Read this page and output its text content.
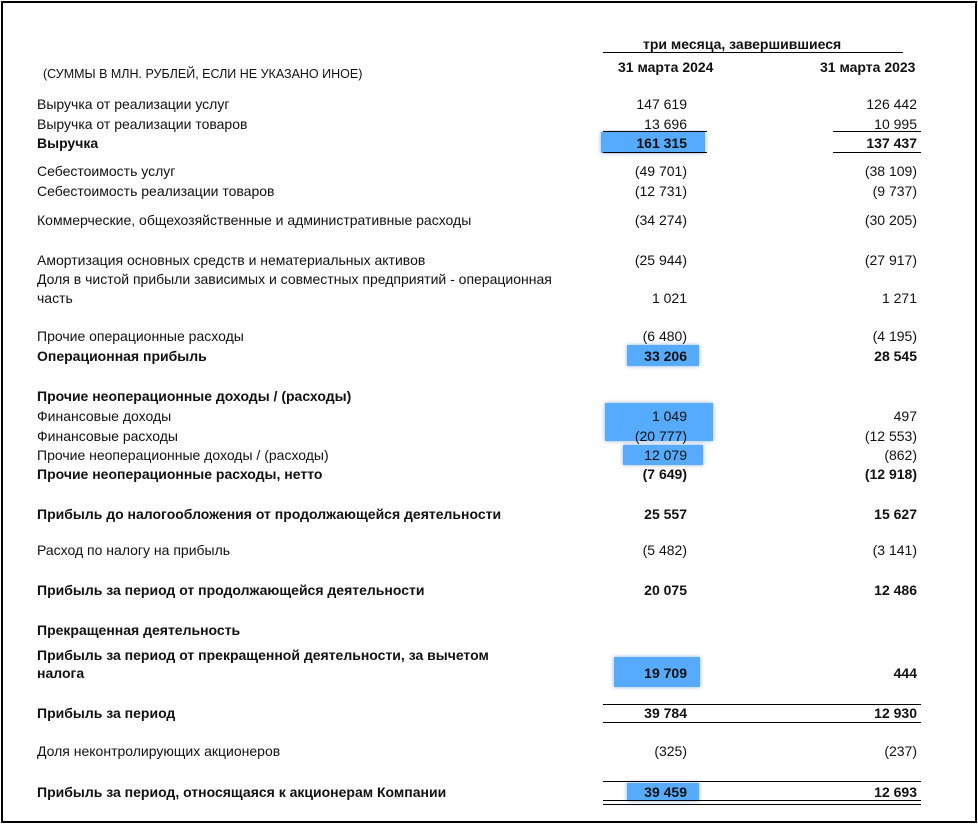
(СУММЫ В МЛН. РУБЛЕЙ, ЕСЛИ НЕ УКАЗАНО ИНОЕ)
три месяца, завершившиеся
31 марта 2024	31 марта 2023
Выручка от реализации услуг	147 619	126 442
Выручка от реализации товаров	13 696	10 995
Выручка	161 315	137 437
Себестоимость услуг	(49 701)	(38 109)
Себестоимость реализации товаров	(12 731)	(9 737)
Коммерческие, общехозяйственные и административные расходы	(34 274)	(30 205)
Амортизация основных средств и нематериальных активов	(25 944)	(27 917)
Доля в чистой прибыли зависимых и совместных предприятий - операционная
часть	1 021	1 271
Прочие операционные расходы	(6 480)	(4 195)
Операционная прибыль	33 206	28 545
Прочие неоперационные доходы / (расходы)
Финансовые доходы	1 049	497
Финансовые расходы	(20 777)	(12 553)
Прочие неоперационные доходы / (расходы)	12 079	(862)
Прочие неоперационные расходы, нетто	(7 649)	(12 918)
Прибыль до налогообложения от продолжающейся деятельности	25 557	15 627
Расход по налогу на прибыль	(5 482)	(3 141)
Прибыль за период от продолжающейся деятельности	20 075	12 486
Прекращенная деятельность
Прибыль за период от прекращенной деятельности, за вычетом
налога	19 709	444
Прибыль за период	39 784	12 930
Доля неконтролирующих акционеров	(325)	(237)
Прибыль за период, относящаяся к акционерам Компании	39 459	12 693
